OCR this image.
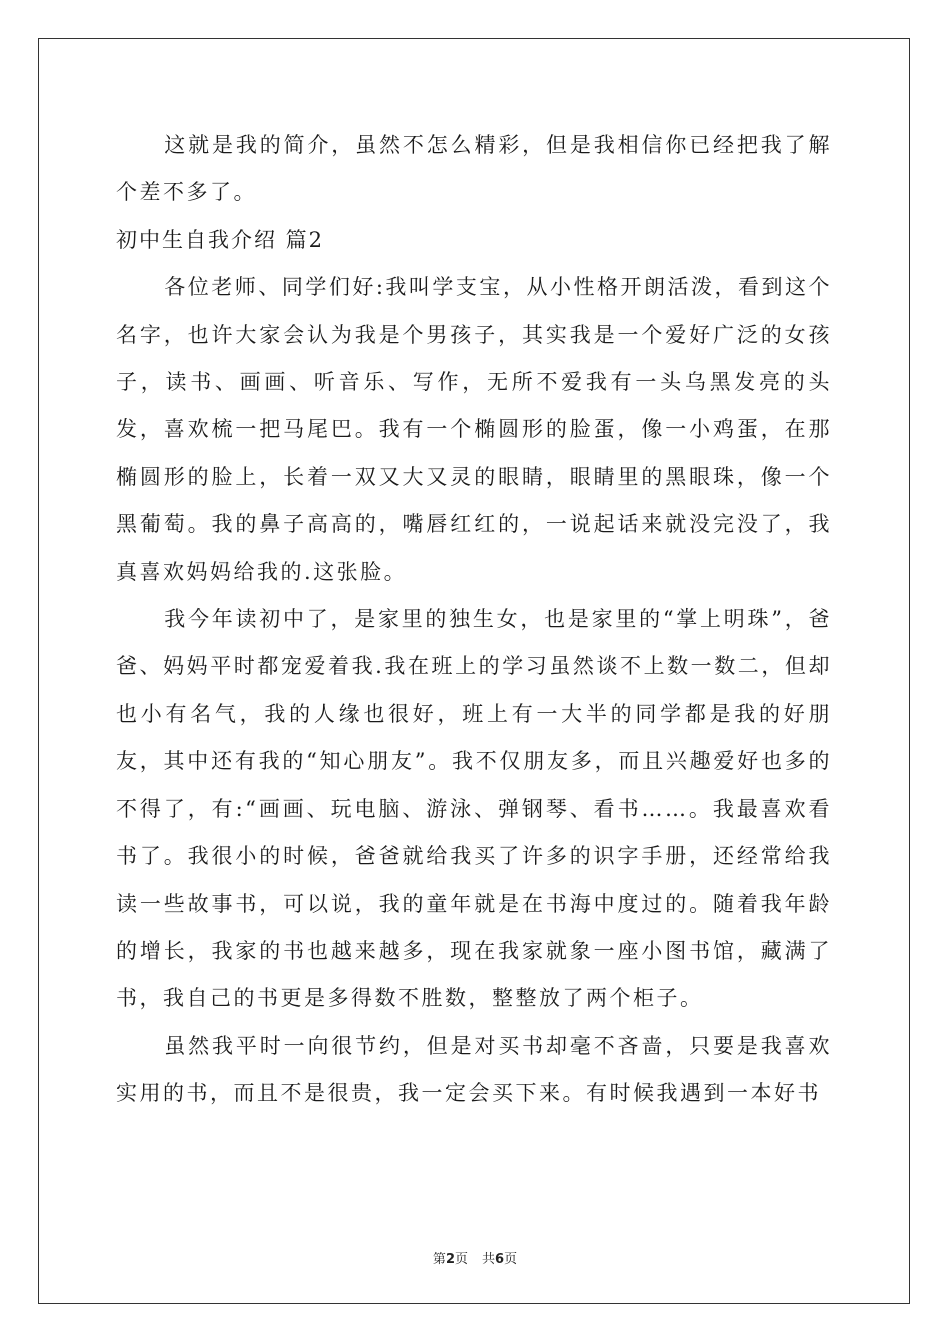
这就是我的简介，虽然不怎么精彩，但是我相信你已经把我了解个差不多了。

初中生自我介绍 篇2

各位老师、同学们好:我叫学支宝，从小性格开朗活泼，看到这个名字，也许大家会认为我是个男孩子，其实我是一个爱好广泛的女孩子，读书、画画、听音乐、写作，无所不爱我有一头乌黑发亮的头发，喜欢梳一把马尾巴。我有一个椭圆形的脸蛋，像一小鸡蛋，在那椭圆形的脸上，长着一双又大又灵的眼睛，眼睛里的黑眼珠，像一个黑葡萄。我的鼻子高高的，嘴唇红红的，一说起话来就没完没了，我真喜欢妈妈给我的.这张脸。

我今年读初中了，是家里的独生女，也是家里的“掌上明珠”，爸爸、妈妈平时都宠爱着我.我在班上的学习虽然谈不上数一数二，但却也小有名气，我的人缘也很好，班上有一大半的同学都是我的好朋友，其中还有我的“知心朋友”。我不仅朋友多，而且兴趣爱好也多的不得了，有:“画画、玩电脑、游泳、弹钢琴、看书……。我最喜欢看书了。我很小的时候，爸爸就给我买了许多的识字手册，还经常给我读一些故事书，可以说，我的童年就是在书海中度过的。随着我年龄的增长，我家的书也越来越多，现在我家就象一座小图书馆，藏满了书，我自己的书更是多得数不胜数，整整放了两个柜子。

虽然我平时一向很节约，但是对买书却毫不吝啬，只要是我喜欢实用的书，而且不是很贵，我一定会买下来。有时候我遇到一本好书

第2页 共6页
